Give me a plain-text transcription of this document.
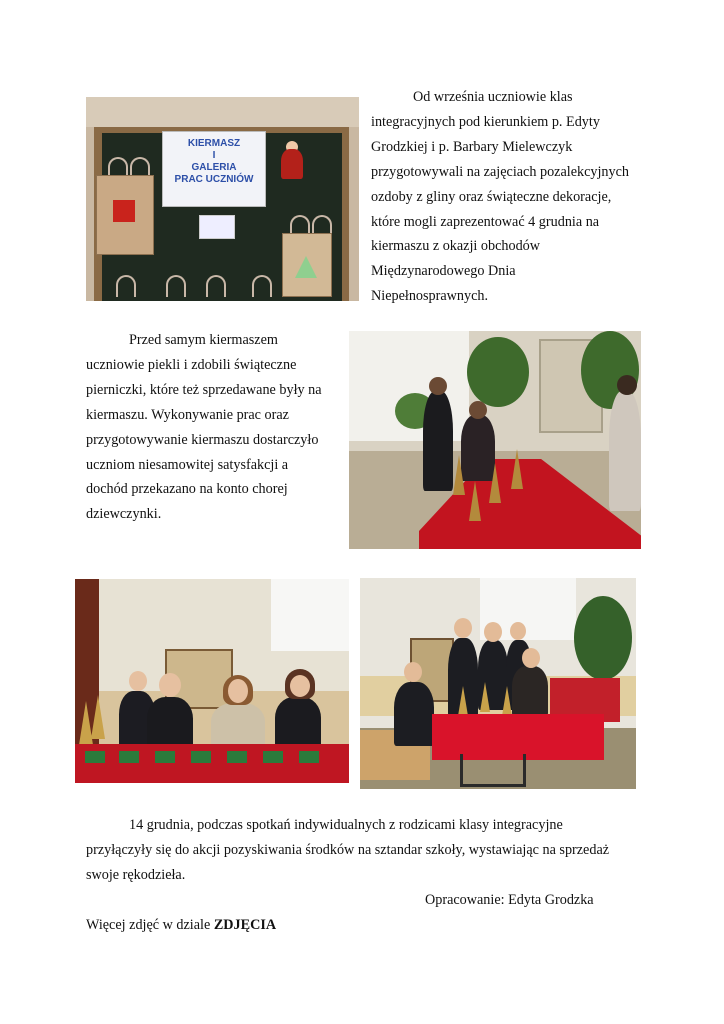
KIERMASZ
I
GALERIA
PRAC UCZNIÓW

Od września uczniowie klas

integracyjnych pod kierunkiem p. Edyty

Grodzkiej i p. Barbary Mielewczyk

przygotowywali na zajęciach pozalekcyjnych

ozdoby z gliny oraz świąteczne dekoracje,

które mogli zaprezentować 4 grudnia na

kiermaszu z okazji obchodów

Międzynarodowego Dnia

Niepełnosprawnych.

Przed samym kiermaszem

uczniowie piekli i zdobili świąteczne

pierniczki, które też sprzedawane były na

kiermaszu. Wykonywanie prac oraz

przygotowywanie kiermaszu dostarczyło

uczniom niesamowitej satysfakcji a

dochód przekazano na konto chorej

dziewczynki.

14 grudnia, podczas spotkań indywidualnych z rodzicami klasy integracyjne

przyłączyły się do akcji pozyskiwania środków na sztandar szkoły, wystawiając na sprzedaż

swoje rękodzieła.

Opracowanie: Edyta Grodzka
Więcej zdjęć w dziale ZDJĘCIA
